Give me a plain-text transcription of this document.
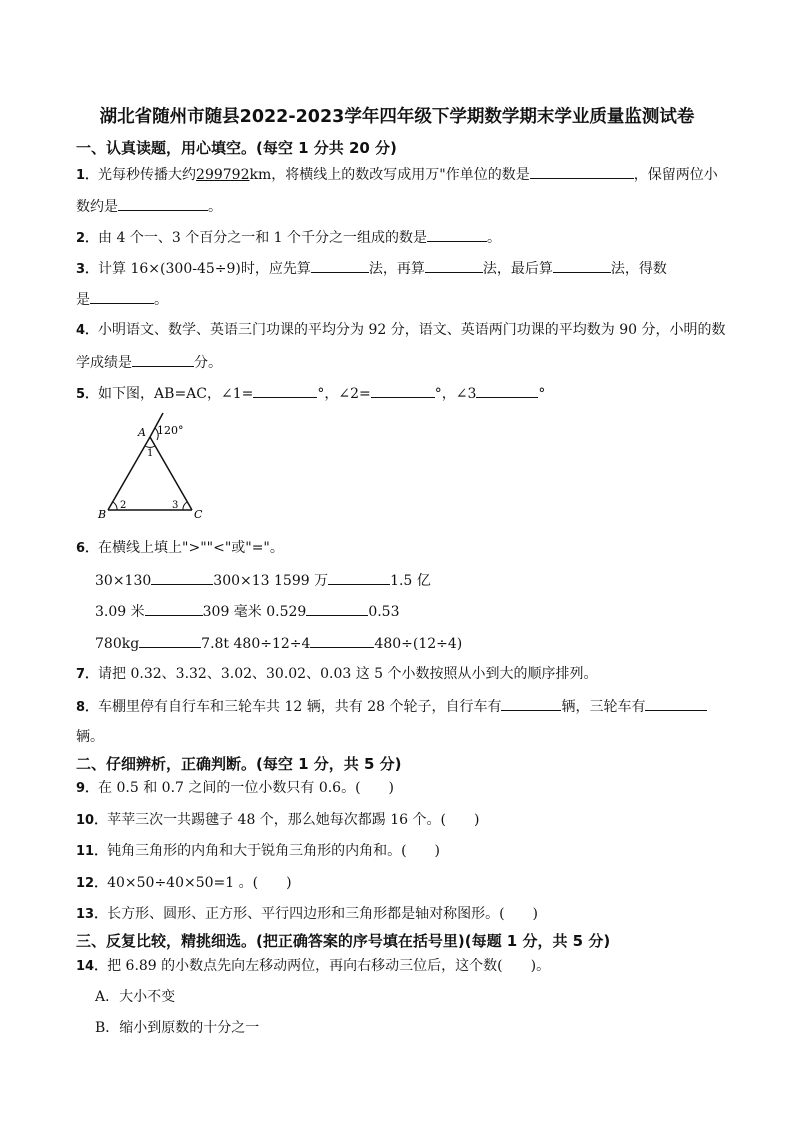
湖北省随州市随县2022-2023学年四年级下学期数学期末学业质量监测试卷
一、认真读题，用心填空。(每空 1 分共 20 分)
1．光每秒传播大约299792km，将横线上的数改写成用万"作单位的数是	，保留两位小
数约是	。
2．由 4 个一、3 个百分之一和 1 个千分之一组成的数是	。
3．计算 16×(300-45÷9)时，应先算	法，再算	法，最后算	法，得数
是	。
4．小明语文、数学、英语三门功课的平均分为 92 分，语文、英语两门功课的平均数为 90 分，小明的数
学成绩是	分。
5．如下图，AB=AC，∠1=	°，∠2=	°，∠3	°
A 120°
1
B
2	3
C
6．在横线上填上">""<"或"="。
30×130	300×13 1599 万	1.5 亿
3.09 米	309 毫米 0.529	0.53
780kg	7.8t 480÷12÷4	480÷(12÷4)
7．请把 0.32、3.32、3.02、30.02、0.03 这 5 个小数按照从小到大的顺序排列。
8．车棚里停有自行车和三轮车共 12 辆，共有 28 个轮子，自行车有	辆，三轮车有
辆。
二、仔细辨析，正确判断。(每空 1 分，共 5 分)
9．在 0.5 和 0.7 之间的一位小数只有 0.6。(　　)
10．苹苹三次一共踢毽子 48 个，那么她每次都踢 16 个。(　　)
11．钝角三角形的内角和大于锐角三角形的内角和。(　　)
12．40×50÷40×50=1 。(　　)
13．长方形、圆形、正方形、平行四边形和三角形都是轴对称图形。(　　)
三、反复比较，精挑细选。(把正确答案的序号填在括号里)(每题 1 分，共 5 分)
14．把 6.89 的小数点先向左移动两位，再向右移动三位后，这个数(　　)。
A．大小不变
B．缩小到原数的十分之一
